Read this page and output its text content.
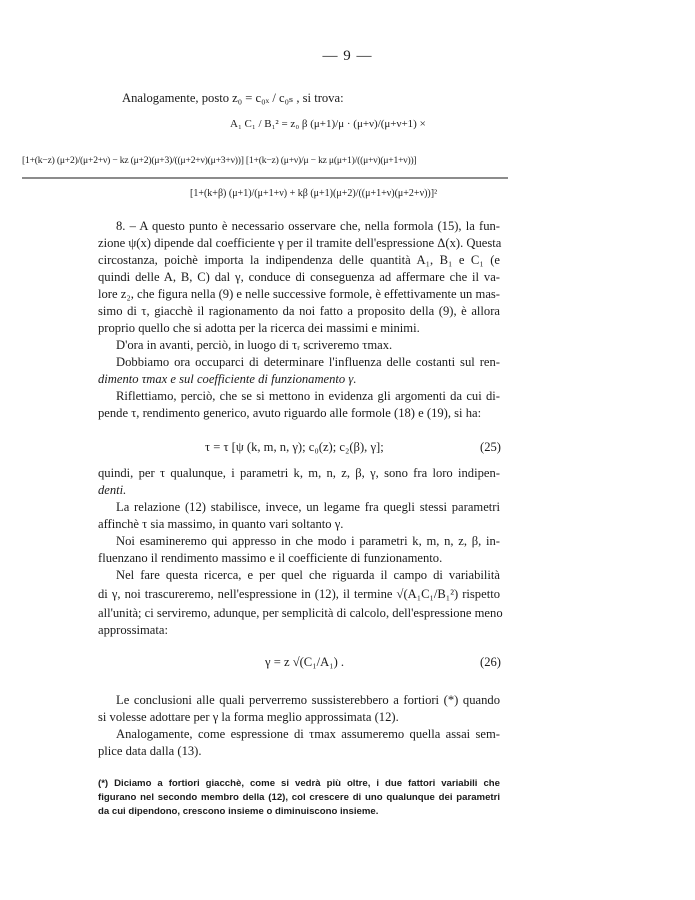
— 9 —
Analogamente, posto z₀ = c₀ₓ / c₀ₛ , si trova:
A₁ C₁ / B₁² = z₀ β (μ+1)/μ · (μ+ν)/(μ+ν+1) ×
[1+(k−z) (μ+2)/(μ+2+ν) − kz (μ+2)(μ+3)/((μ+2+ν)(μ+3+ν))] [1+(k−z) (μ+ν)/μ − kz μ(μ+1)/((μ+ν)(μ+1+ν))]
[1+(k+β) (μ+1)/(μ+1+ν) + kβ (μ+1)(μ+2)/((μ+1+ν)(μ+2+ν))]²
8. – A questo punto è necessario osservare che, nella formola (15), la fun-
zione ψ(x) dipende dal coefficiente γ per il tramite dell'espressione Δ(x). Questa
circostanza, poichè importa la indipendenza delle quantità A₁, B₁ e C₁ (e
quindi delle A, B, C) dal γ, conduce di conseguenza ad affermare che il va-
lore z₂, che figura nella (9) e nelle successive formole, è effettivamente un mas-
simo di τ, giacchè il ragionamento da noi fatto a proposito della (9), è allora
proprio quello che si adotta per la ricerca dei massimi e minimi.
D'ora in avanti, perciò, in luogo di τᵣ scriveremo τmax.
Dobbiamo ora occuparci di determinare l'influenza delle costanti sul ren-
dimento τmax e sul coefficiente di funzionamento γ.
Riflettiamo, perciò, che se si mettono in evidenza gli argomenti da cui di-
pende τ, rendimento generico, avuto riguardo alle formole (18) e (19), si ha:
τ = τ [ψ (k, m, n, γ); c₀(z); c₂(β), γ];	(25)
quindi, per τ qualunque, i parametri k, m, n, z, β, γ, sono fra loro indipen-
denti.
La relazione (12) stabilisce, invece, un legame fra quegli stessi parametri
affinchè τ sia massimo, in quanto vari soltanto γ.
Noi esamineremo qui appresso in che modo i parametri k, m, n, z, β, in-
fluenzano il rendimento massimo e il coefficiente di funzionamento.
Nel fare questa ricerca, e per quel che riguarda il campo di variabilità
di γ, noi trascureremo, nell'espressione in (12), il termine √(A₁C₁/B₁²) rispetto
all'unità; ci serviremo, adunque, per semplicità di calcolo, dell'espressione meno
approssimata:
γ = z √(C₁/A₁) .	(26)
Le conclusioni alle quali perverremo sussisterebbero a fortiori (*) quando
si volesse adottare per γ la forma meglio approssimata (12).
Analogamente, come espressione di τmax assumeremo quella assai sem-
plice data dalla (13).
(*) Diciamo a fortiori giacchè, come si vedrà più oltre, i due fattori variabili che
figurano nel secondo membro della (12), col crescere di uno qualunque dei parametri
da cui dipendono, crescono insieme o diminuiscono insieme.
